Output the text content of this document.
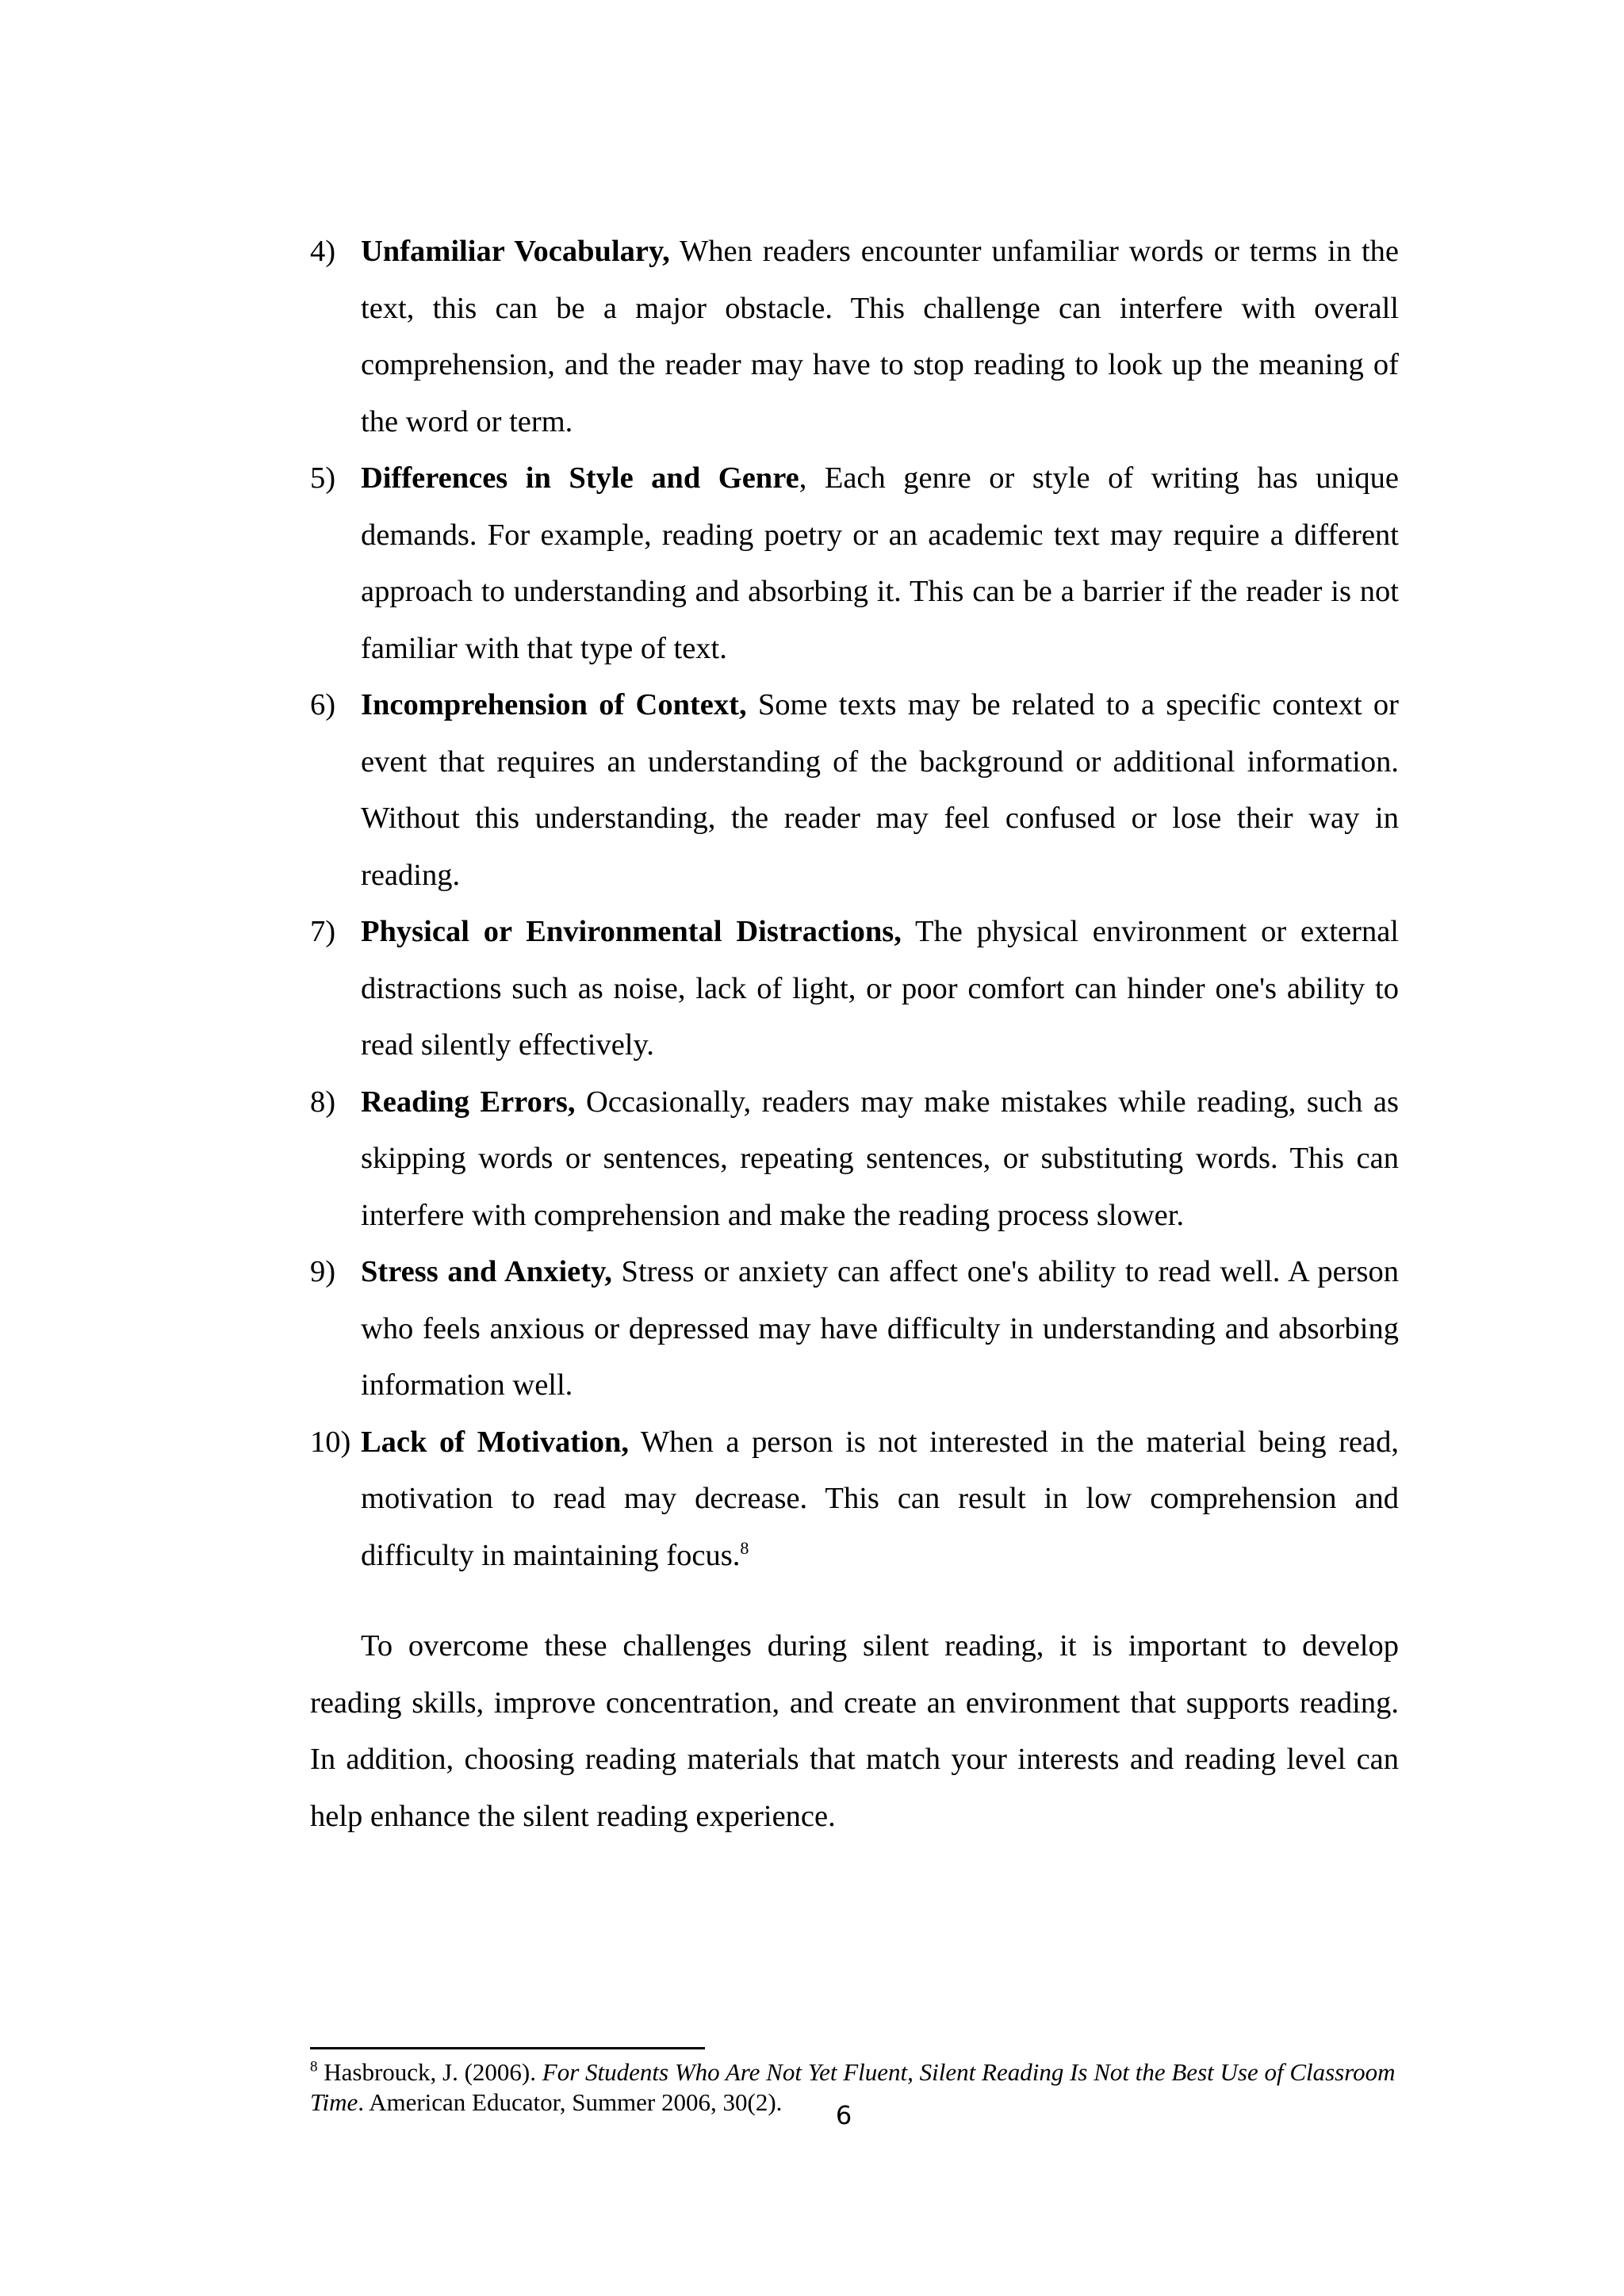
4) Unfamiliar Vocabulary, When readers encounter unfamiliar words or terms in the text, this can be a major obstacle. This challenge can interfere with overall comprehension, and the reader may have to stop reading to look up the meaning of the word or term.
5) Differences in Style and Genre, Each genre or style of writing has unique demands. For example, reading poetry or an academic text may require a different approach to understanding and absorbing it. This can be a barrier if the reader is not familiar with that type of text.
6) Incomprehension of Context, Some texts may be related to a specific context or event that requires an understanding of the background or additional information. Without this understanding, the reader may feel confused or lose their way in reading.
7) Physical or Environmental Distractions, The physical environment or external distractions such as noise, lack of light, or poor comfort can hinder one's ability to read silently effectively.
8) Reading Errors, Occasionally, readers may make mistakes while reading, such as skipping words or sentences, repeating sentences, or substituting words. This can interfere with comprehension and make the reading process slower.
9) Stress and Anxiety, Stress or anxiety can affect one's ability to read well. A person who feels anxious or depressed may have difficulty in understanding and absorbing information well.
10) Lack of Motivation, When a person is not interested in the material being read, motivation to read may decrease. This can result in low comprehension and difficulty in maintaining focus.$^8$

To overcome these challenges during silent reading, it is important to develop reading skills, improve concentration, and create an environment that supports reading. In addition, choosing reading materials that match your interests and reading level can help enhance the silent reading experience.

$^8$ Hasbrouck, J. (2006). For Students Who Are Not Yet Fluent, Silent Reading Is Not the Best Use of Classroom Time. American Educator, Summer 2006, 30(2).	6
